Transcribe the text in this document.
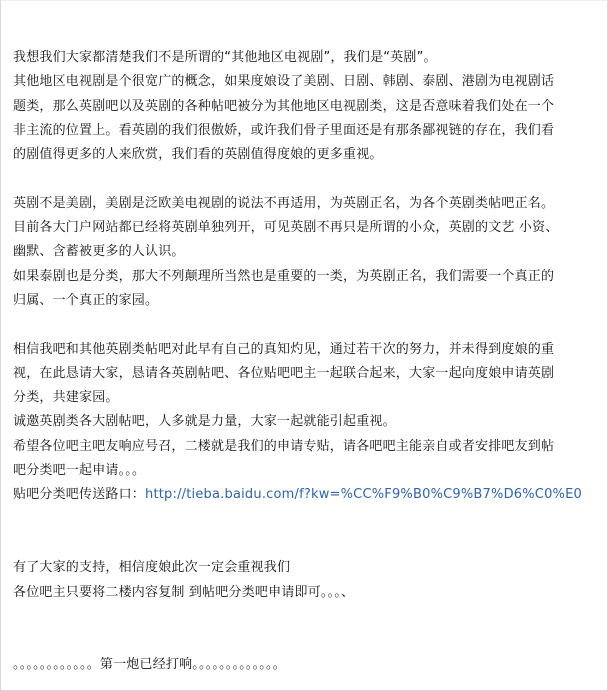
我想我们大家都清楚我们不是所谓的“其他地区电视剧”，我们是“英剧”。
其他地区电视剧是个很宽广的概念，如果度娘设了美剧、日剧、韩剧、泰剧、港剧为电视剧话
题类，那么英剧吧以及英剧的各种帖吧被分为其他地区电视剧类，这是否意味着我们处在一个
非主流的位置上。看英剧的我们很傲娇，或许我们骨子里面还是有那条鄙视链的存在，我们看
的剧值得更多的人来欣赏，我们看的英剧值得度娘的更多重视。
英剧不是美剧，美剧是泛欧美电视剧的说法不再适用，为英剧正名，为各个英剧类帖吧正名。
目前各大门户网站都已经将英剧单独列开，可见英剧不再只是所谓的小众，英剧的文艺 小资、
幽默、含蓄被更多的人认识。
如果泰剧也是分类，那大不列颠理所当然也是重要的一类，为英剧正名，我们需要一个真正的
归属、一个真正的家园。
相信我吧和其他英剧类帖吧对此早有自己的真知灼见，通过若干次的努力，并未得到度娘的重
视，在此恳请大家，恳请各英剧帖吧、各位贴吧吧主一起联合起来，大家一起向度娘申请英剧
分类，共建家园。
诚邀英剧类各大剧帖吧，人多就是力量，大家一起就能引起重视。
希望各位吧主吧友响应号召，二楼就是我们的申请专贴，请各吧吧主能亲自或者安排吧友到帖
吧分类吧一起申请。。。
贴吧分类吧传送路口：http://tieba.baidu.com/f?kw=%CC%F9%B0%C9%B7%D6%C0%E0
有了大家的支持，相信度娘此次一定会重视我们
各位吧主只要将二楼内容复制 到帖吧分类吧申请即可。。。、
。。。。。。。。。。。。第一炮已经打响。。。。。。。。。。。。。
